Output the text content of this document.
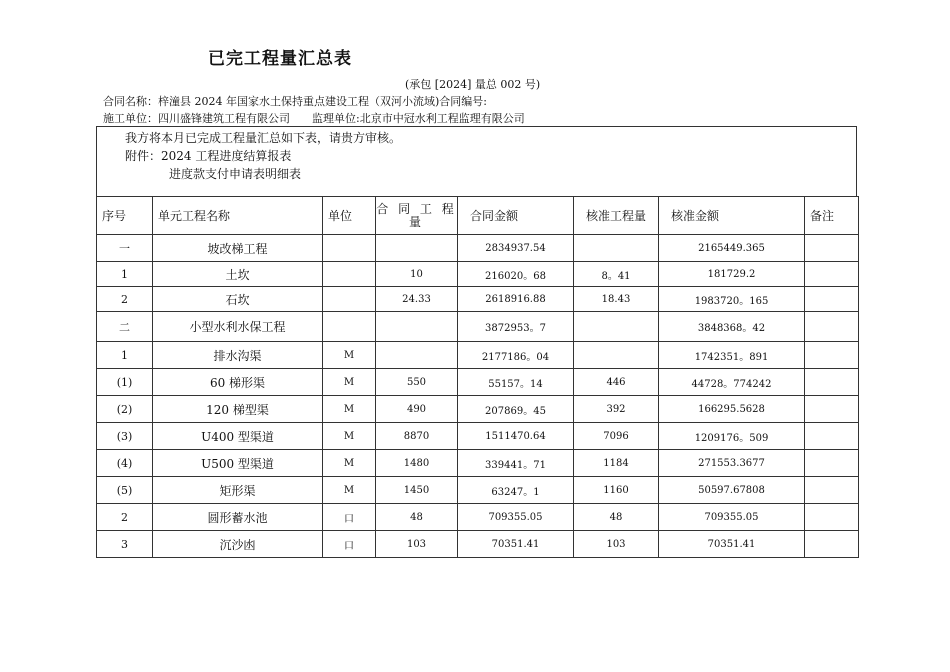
已完工程量汇总表
(承包 [2024] 量总 002 号)
合同名称：梓潼县 2024 年国家水土保持重点建设工程（双河小流域)合同编号:
施工单位：四川盛锋建筑工程有限公司 监理单位:北京市中冠水利工程监理有限公司
我方将本月已完成工程量汇总如下表，请贵方审核。
附件：2024 工程进度结算报表
进度款支付申请表明细表
序号	单元工程名称	单位	合 同 工 程 量	合同金额	核准工程量	核准金额	备注
一	坡改梯工程			2834937.54		2165449.365	
1	土坎		10	216020。68	8。41	181729.2	
2	石坎		24.33	2618916.88	18.43	1983720。165	
二	小型水利水保工程			3872953。7		3848368。42	
1	排水沟渠	M		2177186。04		1742351。891	
(1)	60 梯形渠	M	550	55157。14	446	44728。774242	
(2)	120 梯型渠	M	490	207869。45	392	166295.5628	
(3)	U400 型渠道	M	8870	1511470.64	7096	1209176。509	
(4)	U500 型渠道	M	1480	339441。71	1184	271553.3677	
(5)	矩形渠	M	1450	63247。1	1160	50597.67808	
2	圆形蓄水池	口	48	709355.05	48	709355.05	
3	沉沙凼	口	103	70351.41	103	70351.41	
